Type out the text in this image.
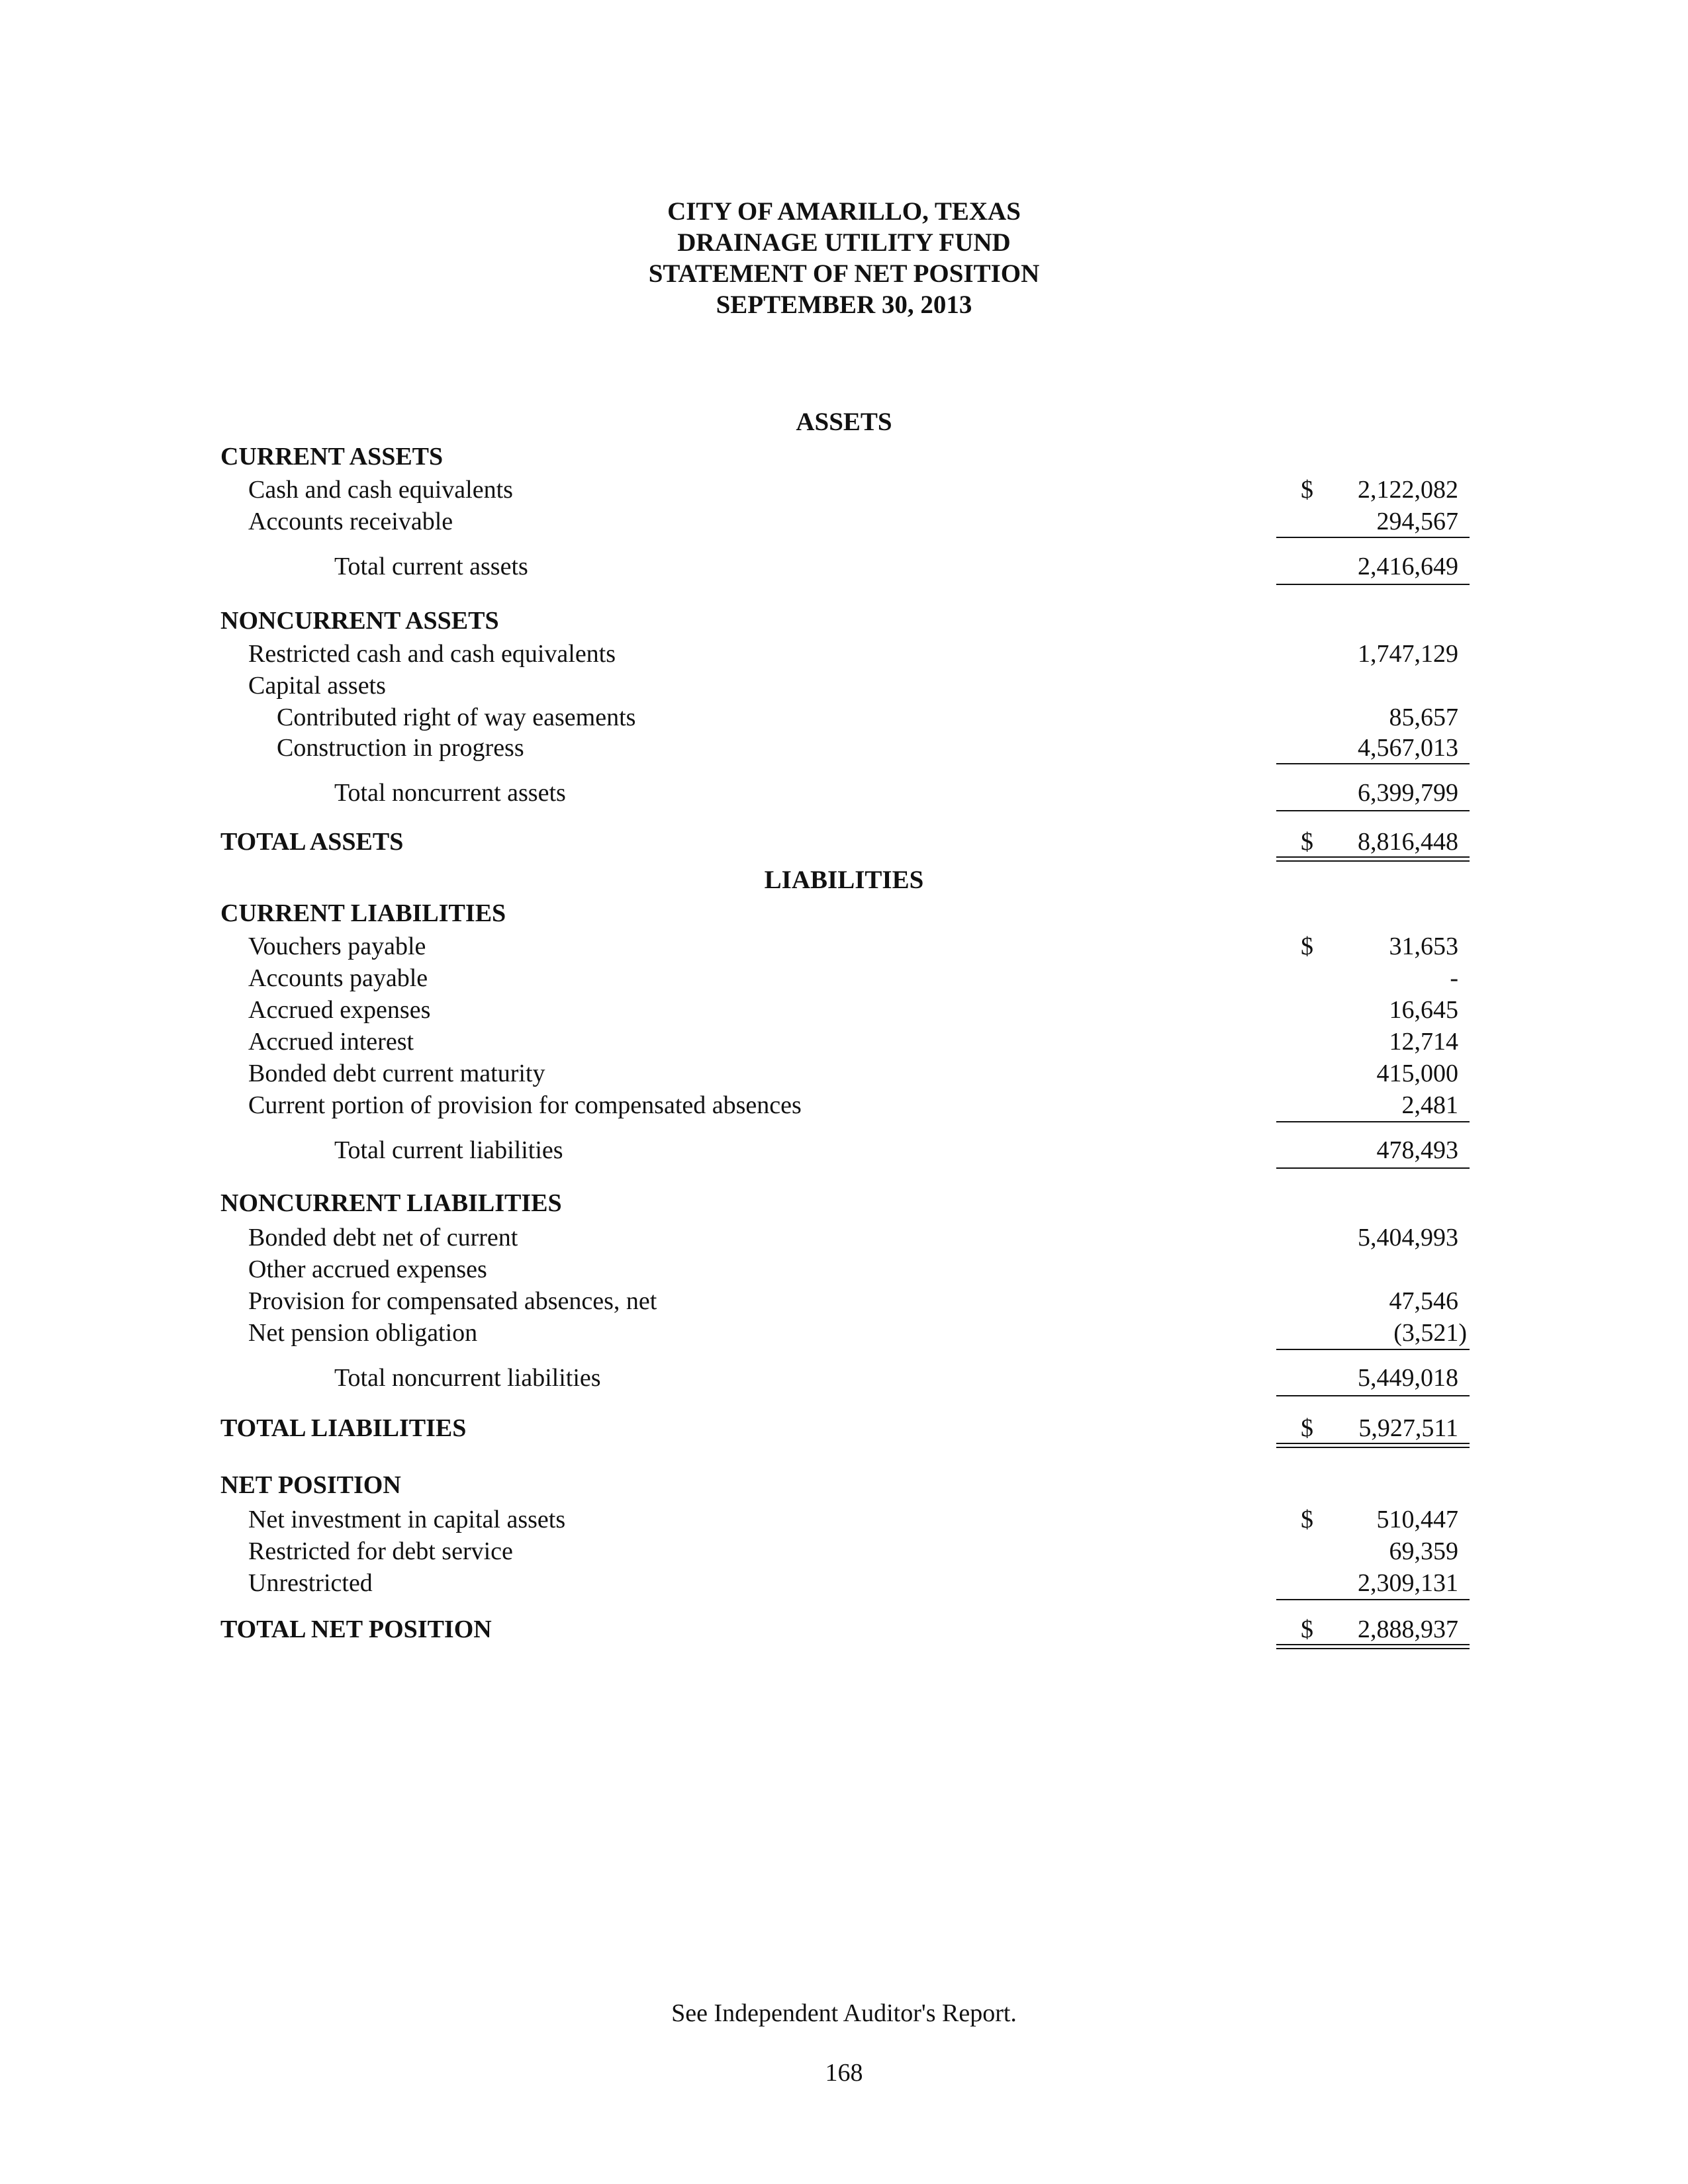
CITY OF AMARILLO, TEXAS
DRAINAGE UTILITY FUND
STATEMENT OF NET POSITION
SEPTEMBER 30, 2013
ASSETS
CURRENT ASSETS
Cash and cash equivalents	$ 2,122,082
Accounts receivable	294,567
Total current assets	2,416,649
NONCURRENT ASSETS
Restricted cash and cash equivalents	1,747,129
Capital assets
Contributed right of way easements	85,657
Construction in progress	4,567,013
Total noncurrent assets	6,399,799
TOTAL ASSETS	$ 8,816,448
LIABILITIES
CURRENT LIABILITIES
Vouchers payable	$	31,653
Accounts payable	-
Accrued expenses	16,645
Accrued interest	12,714
Bonded debt current maturity	415,000
Current portion of provision for compensated absences	2,481
Total current liabilities	478,493
NONCURRENT LIABILITIES
Bonded debt net of current	5,404,993
Other accrued expenses
Provision for compensated absences, net	47,546
Net pension obligation	(3,521)
Total noncurrent liabilities	5,449,018
TOTAL LIABILITIES	$ 5,927,511
NET POSITION
Net investment in capital assets	$	510,447
Restricted for debt service	69,359
Unrestricted	2,309,131
TOTAL NET POSITION	$ 2,888,937
See Independent Auditor's Report.
168
